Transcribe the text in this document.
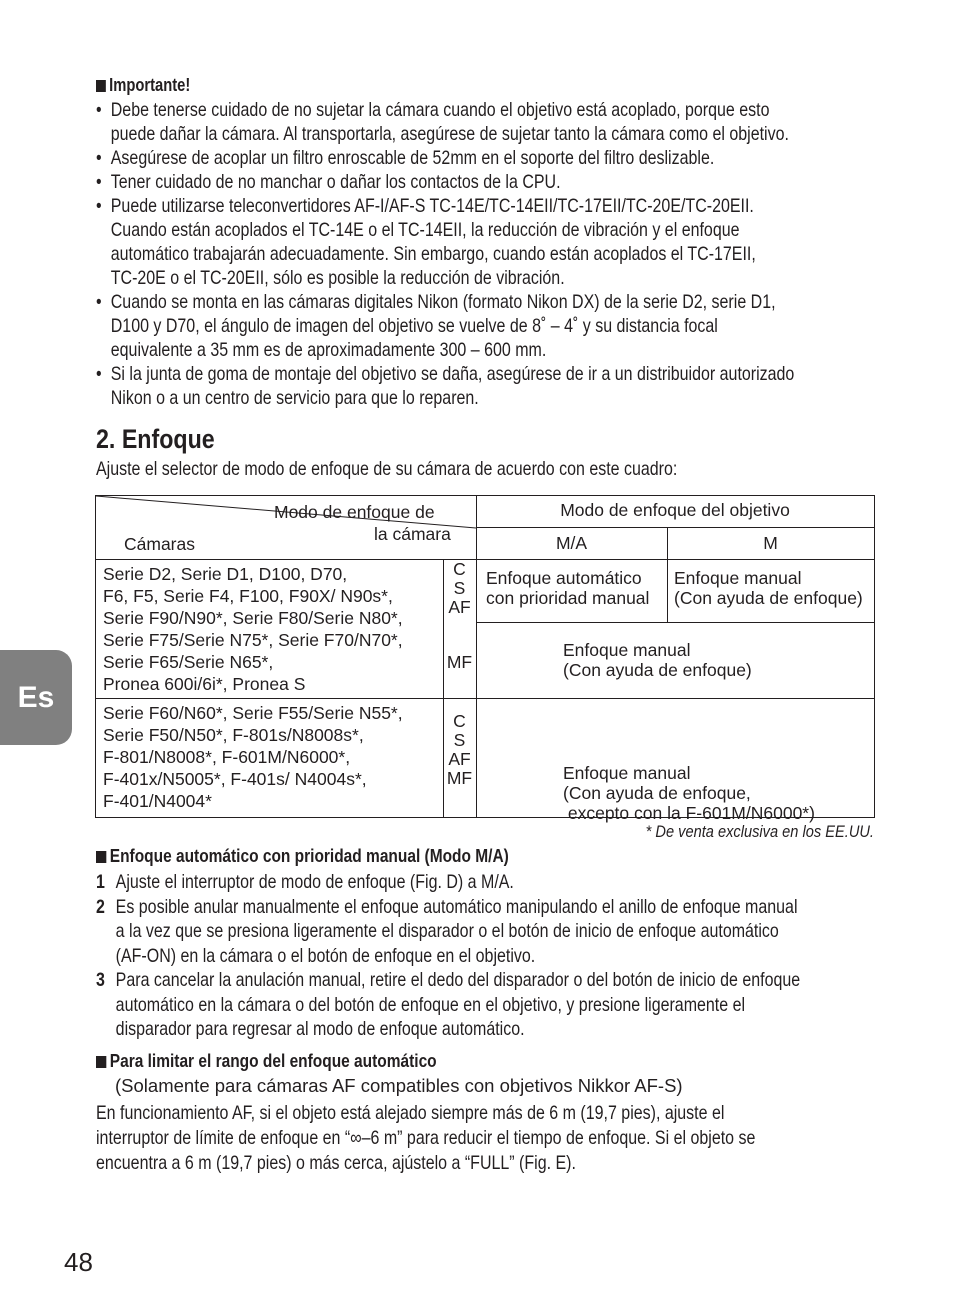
Importante!
• Debe tenerse cuidado de no sujetar la cámara cuando el objetivo está acoplado, porque esto
puede dañar la cámara. Al transportarla, asegúrese de sujetar tanto la cámara como el objetivo.
• Asegúrese de acoplar un filtro enroscable de 52mm en el soporte del filtro deslizable.
• Tener cuidado de no manchar o dañar los contactos de la CPU.
• Puede utilizarse teleconvertidores AF-I/AF-S TC-14E/TC-14EII/TC-17EII/TC-20E/TC-20EII.
Cuando están acoplados el TC-14E o el TC-14EII, la reducción de vibración y el enfoque
automático trabajarán adecuadamente. Sin embargo, cuando están acoplados el TC-17EII,
TC-20E o el TC-20EII, sólo es posible la reducción de vibración.
• Cuando se monta en las cámaras digitales Nikon (formato Nikon DX) de la serie D2, serie D1,
D100 y D70, el ángulo de imagen del objetivo se vuelve de 8˚ – 4˚ y su distancia focal
equivalente a 35 mm es de aproximadamente 300 – 600 mm.
• Si la junta de goma de montaje del objetivo se daña, asegúrese de ir a un distribuidor autorizado
Nikon o a un centro de servicio para que lo reparen.
2. Enfoque
Ajuste el selector de modo de enfoque de su cámara de acuerdo con este cuadro:
Modo de enfoque de
la cámara
Cámaras
Modo de enfoque del objetivo
M/A	M
Serie D2, Serie D1, D100, D70,
F6, F5, Serie F4, F100, F90X/ N90s*,
Serie F90/N90*, Serie F80/Serie N80*,
Serie F75/Serie N75*, Serie F70/N70*,
Serie F65/Serie N65*,
Pronea 600i/6i*, Pronea S
C
S
AF
Enfoque automático
con prioridad manual
Enfoque manual
(Con ayuda de enfoque)
MF
Enfoque manual
(Con ayuda de enfoque)
Serie F60/N60*, Serie F55/Serie N55*,
Serie F50/N50*, F-801s/N8008s*,
F-801/N8008*, F-601M/N6000*,
F-401x/N5005*, F-401s/ N4004s*,
F-401/N4004*
C
S
AF
MF

	Enfoque manual
(Con ayuda de enfoque,
excepto con la F-601M/N6000*)

* De venta exclusiva en los EE.UU.
Enfoque automático con prioridad manual (Modo M/A)
1 Ajuste el interruptor de modo de enfoque (Fig. D) a M/A.
2 Es posible anular manualmente el enfoque automático manipulando el anillo de enfoque manual
a la vez que se presiona ligeramente el disparador o el botón de inicio de enfoque automático
(AF-ON) en la cámara o el botón de enfoque en el objetivo.
3 Para cancelar la anulación manual, retire el dedo del disparador o del botón de inicio de enfoque
automático en la cámara o del botón de enfoque en el objetivo, y presione ligeramente el
disparador para regresar al modo de enfoque automático.
Para limitar el rango del enfoque automático
(Solamente para cámaras AF compatibles con objetivos Nikkor AF-S)
En funcionamiento AF, si el objeto está alejado siempre más de 6 m (19,7 pies), ajuste el
interruptor de límite de enfoque en “∞–6 m” para reducir el tiempo de enfoque. Si el objeto se
encuentra a 6 m (19,7 pies) o más cerca, ajústelo a “FULL” (Fig. E).
Es
48
